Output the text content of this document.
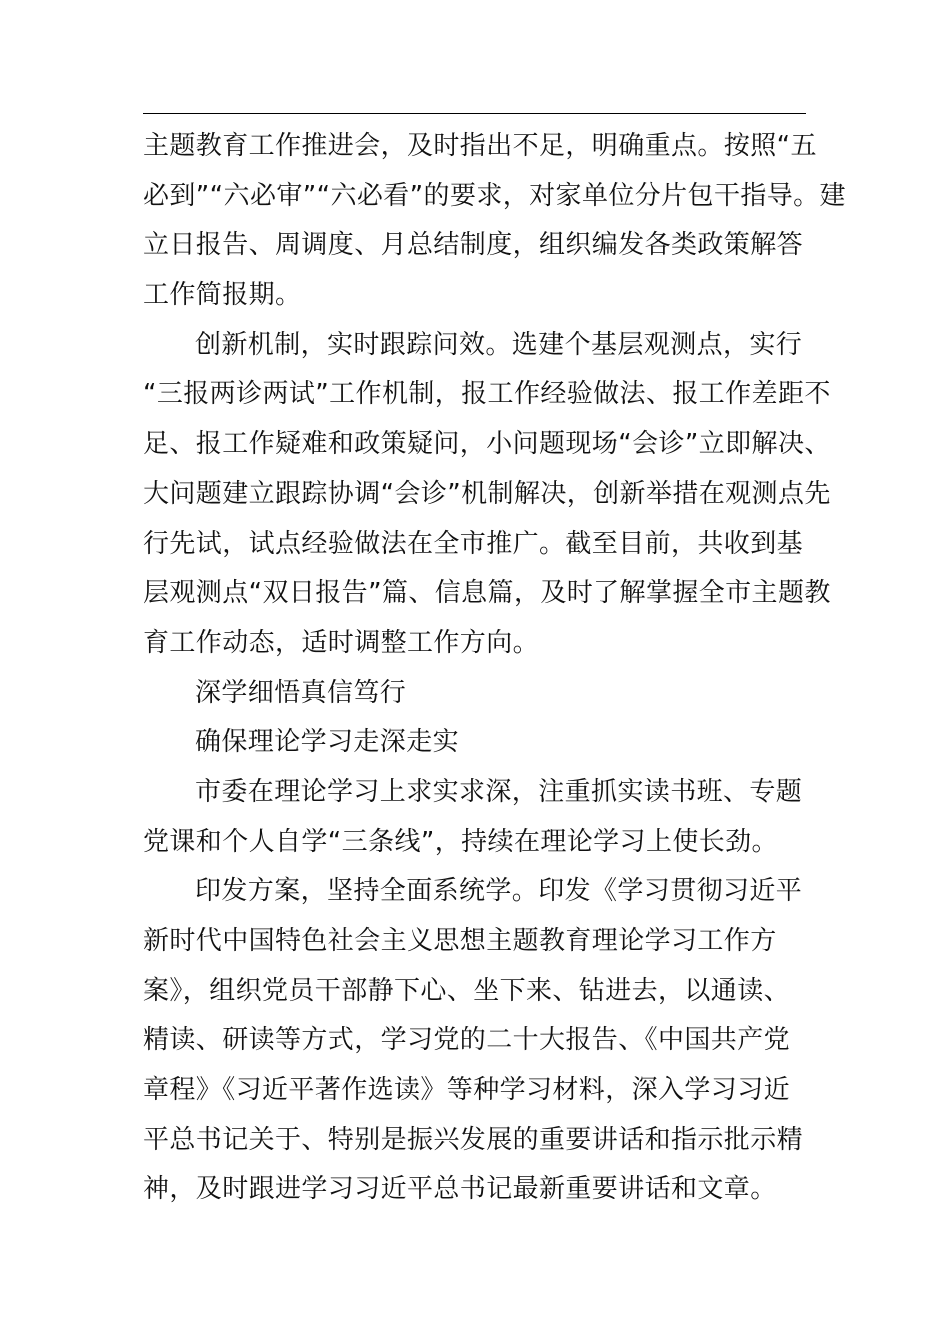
主题教育工作推进会，及时指出不足，明确重点。按照“五
必到”“六必审”“六必看”的要求，对家单位分片包干指导。建
立日报告、周调度、月总结制度，组织编发各类政策解答
工作简报期。
创新机制，实时跟踪问效。选建个基层观测点，实行
“三报两诊两试”工作机制，报工作经验做法、报工作差距不
足、报工作疑难和政策疑问，小问题现场“会诊”立即解决、
大问题建立跟踪协调“会诊”机制解决，创新举措在观测点先
行先试，试点经验做法在全市推广。截至目前，共收到基
层观测点“双日报告”篇、信息篇，及时了解掌握全市主题教
育工作动态，适时调整工作方向。
深学细悟真信笃行
确保理论学习走深走实
市委在理论学习上求实求深，注重抓实读书班、专题
党课和个人自学“三条线”，持续在理论学习上使长劲。
印发方案，坚持全面系统学。印发《学习贯彻习近平
新时代中国特色社会主义思想主题教育理论学习工作方
案》，组织党员干部静下心、坐下来、钻进去，以通读、
精读、研读等方式，学习党的二十大报告、《中国共产党
章程》《习近平著作选读》等种学习材料，深入学习习近
平总书记关于、特别是振兴发展的重要讲话和指示批示精
神，及时跟进学习习近平总书记最新重要讲话和文章。
